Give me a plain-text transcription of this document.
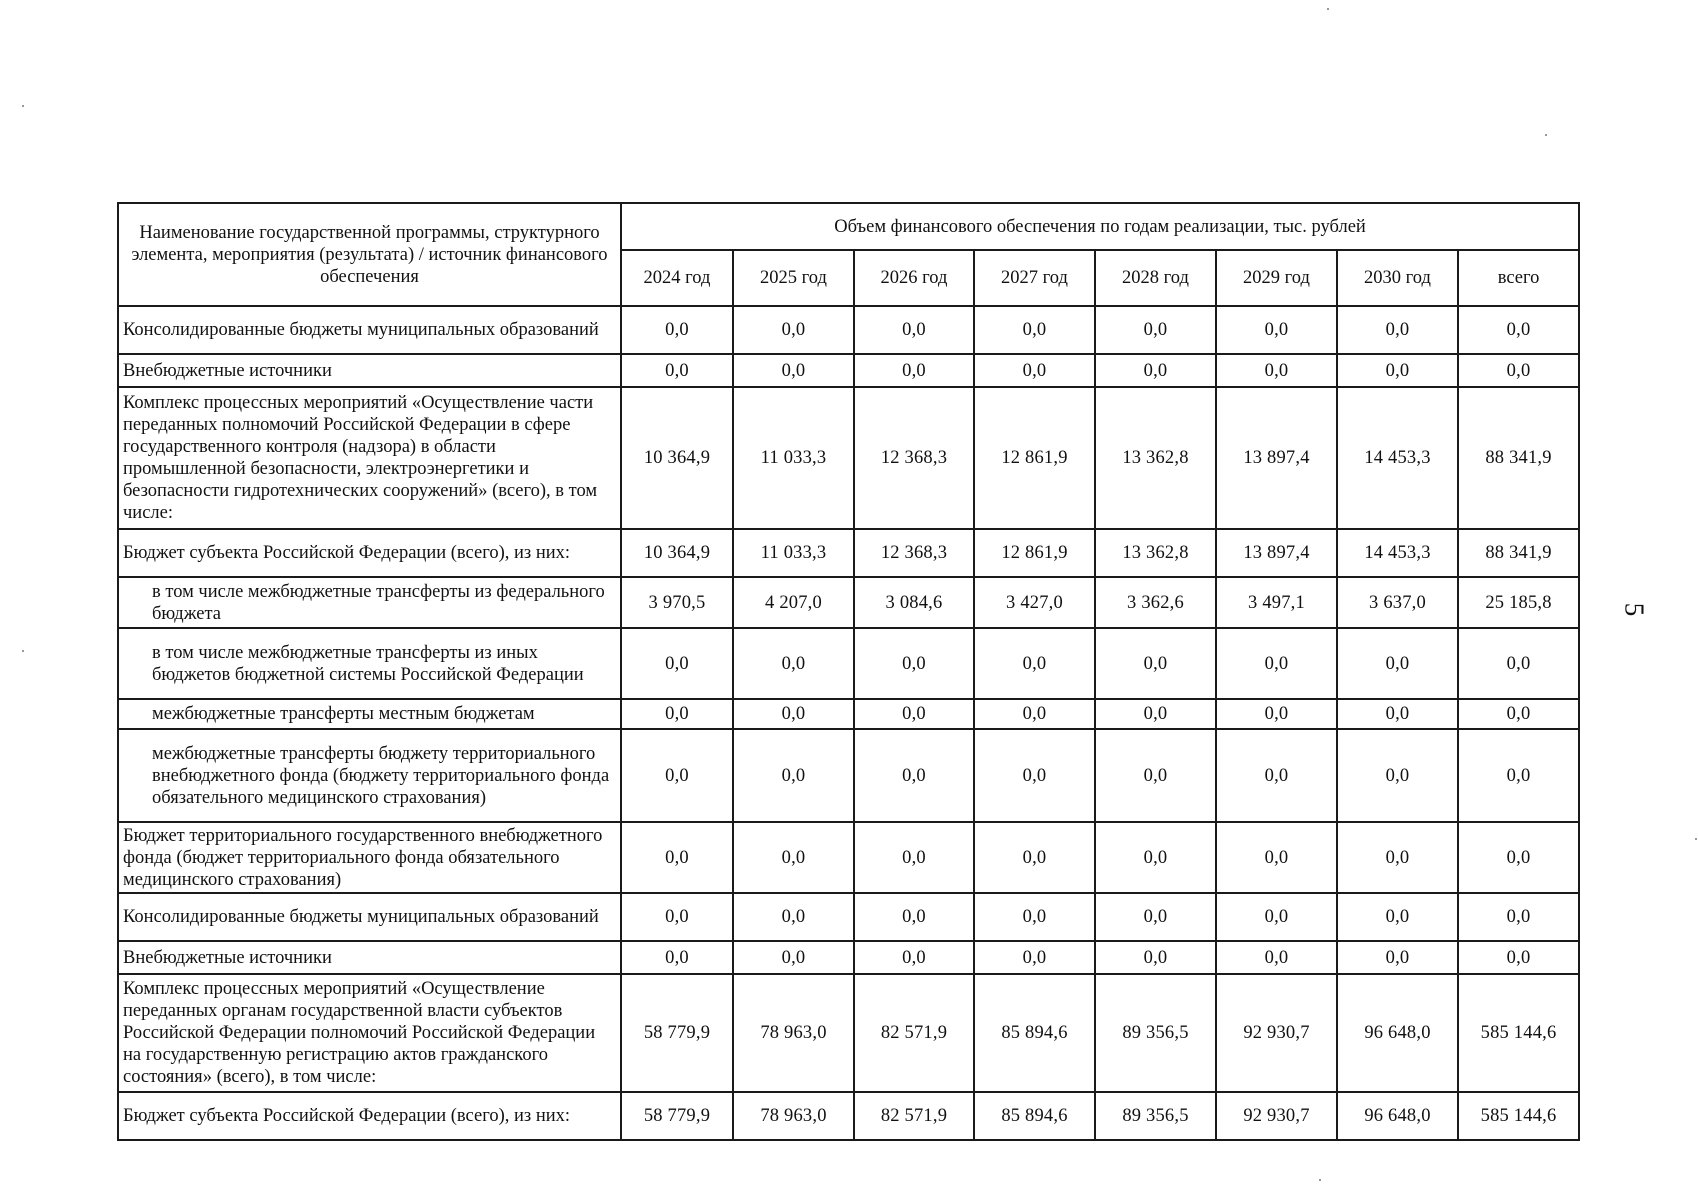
Наименование государственной программы, структурного элемента, мероприятия (результата) / источник финансового обеспечения	Объем финансового обеспечения по годам реализации, тыс. рублей							
	2024 год	2025 год	2026 год	2027 год	2028 год	2029 год	2030 год	всего
Консолидированные бюджеты муниципальных образований	0,0	0,0	0,0	0,0	0,0	0,0	0,0	0,0
Внебюджетные источники	0,0	0,0	0,0	0,0	0,0	0,0	0,0	0,0
Комплекс процессных мероприятий «Осуществление части переданных полномочий Российской Федерации в сфере государственного контроля (надзора) в области промышленной безопасности, электроэнергетики и безопасности гидротехнических сооружений» (всего), в том числе:	10 364,9	11 033,3	12 368,3	12 861,9	13 362,8	13 897,4	14 453,3	88 341,9
Бюджет субъекта Российской Федерации (всего), из них:	10 364,9	11 033,3	12 368,3	12 861,9	13 362,8	13 897,4	14 453,3	88 341,9
в том числе межбюджетные трансферты из федерального бюджета	3 970,5	4 207,0	3 084,6	3 427,0	3 362,6	3 497,1	3 637,0	25 185,8
в том числе межбюджетные трансферты из иных бюджетов бюджетной системы Российской Федерации	0,0	0,0	0,0	0,0	0,0	0,0	0,0	0,0
межбюджетные трансферты местным бюджетам	0,0	0,0	0,0	0,0	0,0	0,0	0,0	0,0
межбюджетные трансферты бюджету территориального внебюджетного фонда (бюджету территориального фонда обязательного медицинского страхования)	0,0	0,0	0,0	0,0	0,0	0,0	0,0	0,0
Бюджет территориального государственного внебюджетного фонда (бюджет территориального фонда обязательного медицинского страхования)	0,0	0,0	0,0	0,0	0,0	0,0	0,0	0,0
Консолидированные бюджеты муниципальных образований	0,0	0,0	0,0	0,0	0,0	0,0	0,0	0,0
Внебюджетные источники	0,0	0,0	0,0	0,0	0,0	0,0	0,0	0,0
Комплекс процессных мероприятий «Осуществление переданных органам государственной власти субъектов Российской Федерации полномочий Российской Федерации на государственную регистрацию актов гражданского состояния» (всего), в том числе:	58 779,9	78 963,0	82 571,9	85 894,6	89 356,5	92 930,7	96 648,0	585 144,6
Бюджет субъекта Российской Федерации (всего), из них:	58 779,9	78 963,0	82 571,9	85 894,6	89 356,5	92 930,7	96 648,0	585 144,6
5
